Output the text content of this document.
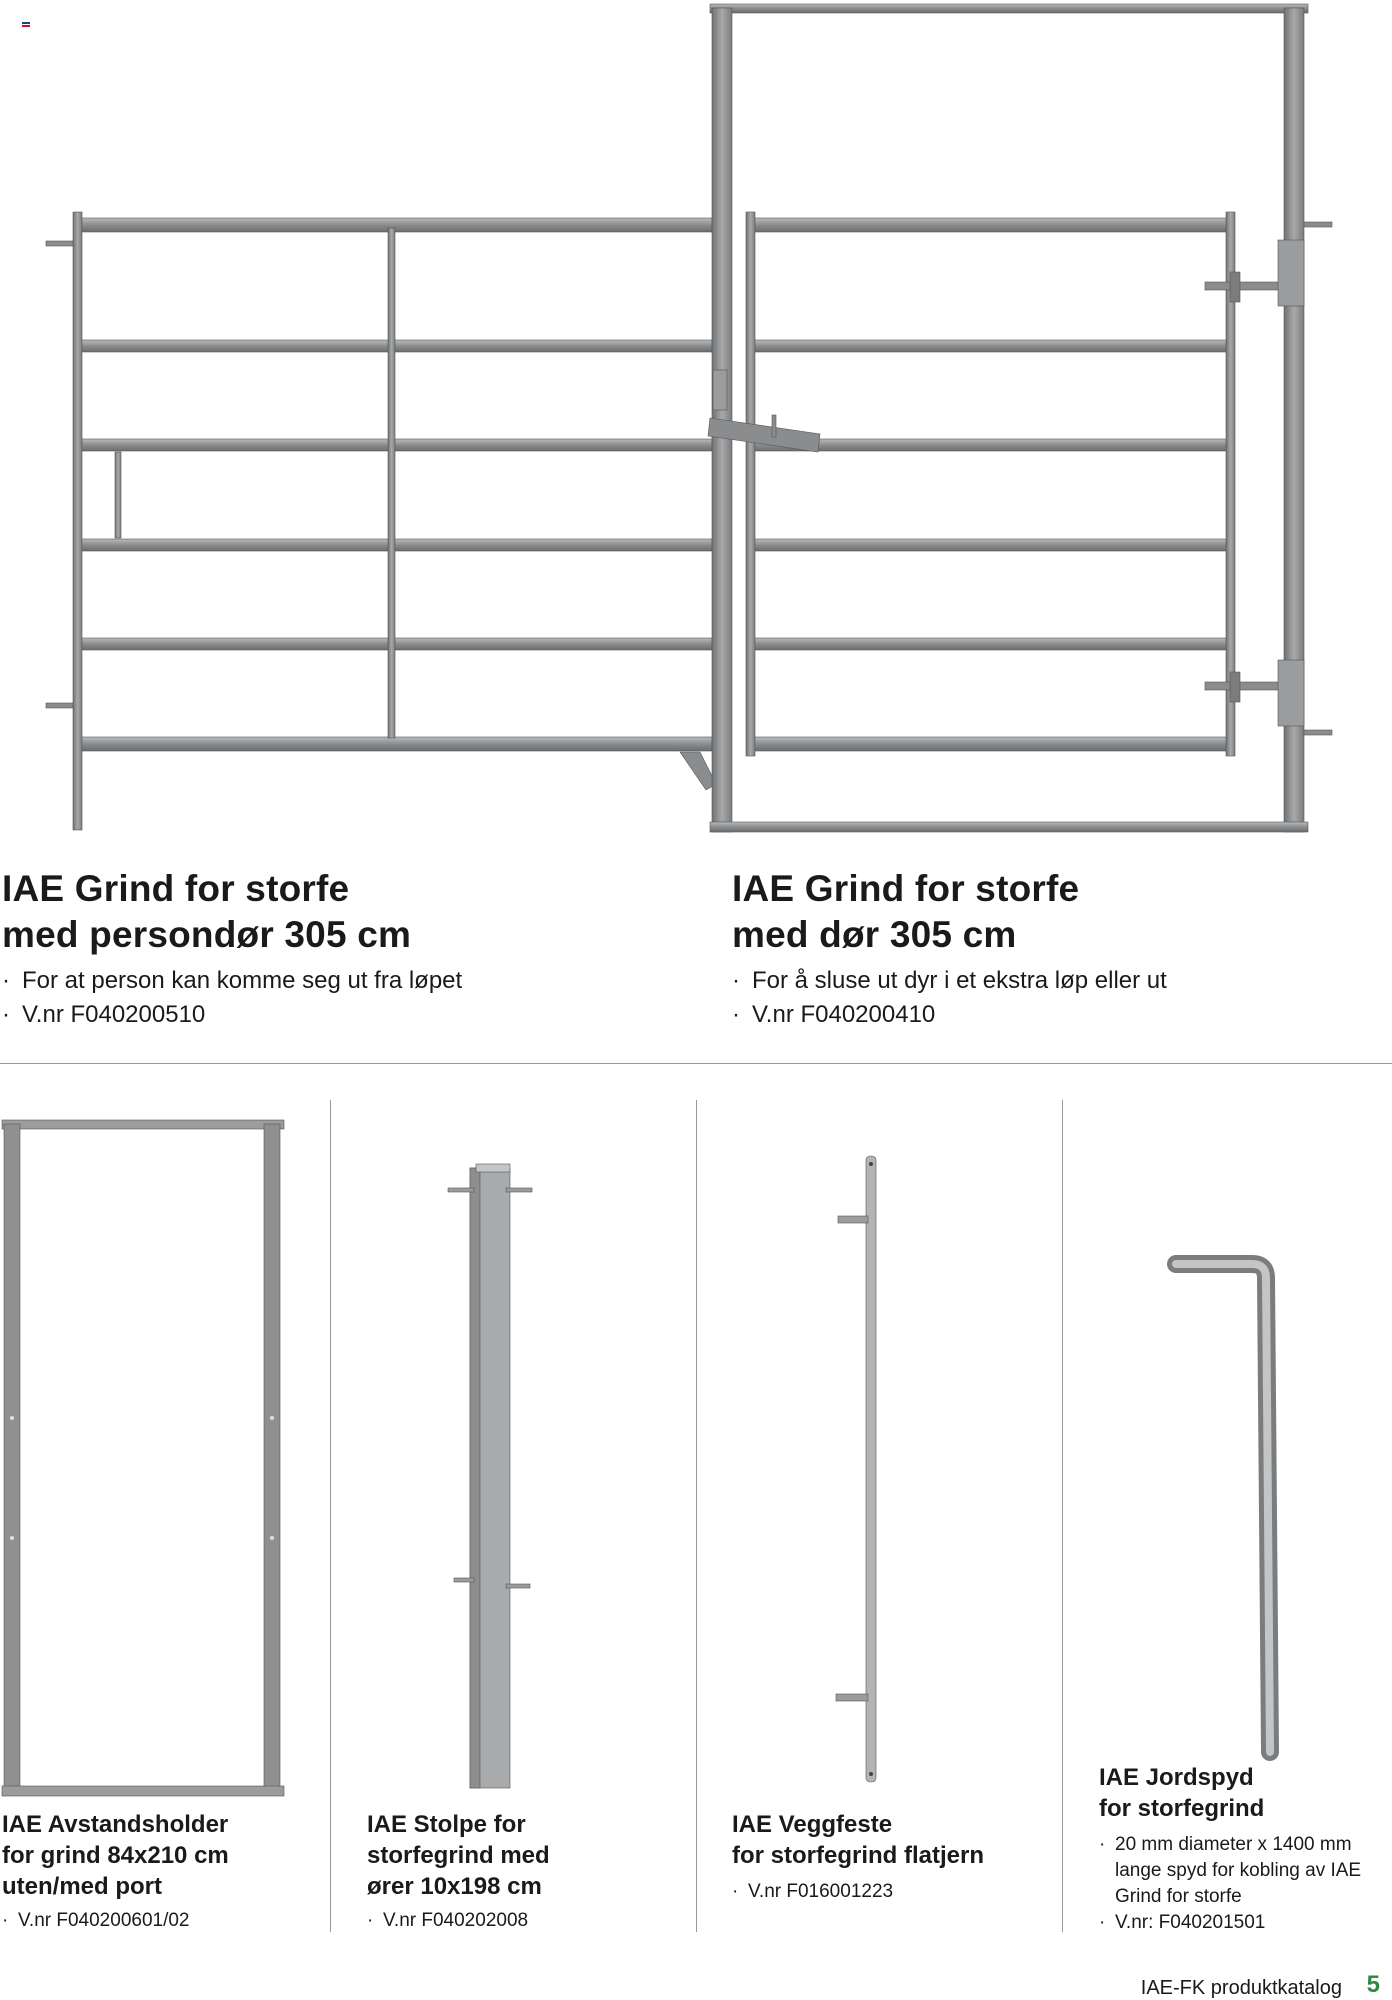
IAE Grind for storfe
med persondør 305 cm
· For at person kan komme seg ut fra løpet
· V.nr F040200510
IAE Grind for storfe
med dør 305 cm
· For å sluse ut dyr i et ekstra løp eller ut
· V.nr F040200410
IAE Avstandsholder
for grind 84x210 cm
uten/med port
· V.nr F040200601/02
IAE Stolpe for
storfegrind med
ører 10x198 cm
· V.nr F040202008
IAE Veggfeste
for storfegrind flatjern
· V.nr F016001223
IAE Jordspyd
for storfegrind
· 20 mm diameter x 1400 mm lange spyd for kobling av IAE Grind for storfe
· V.nr: F040201501
IAE-FK produktkatalog 5
